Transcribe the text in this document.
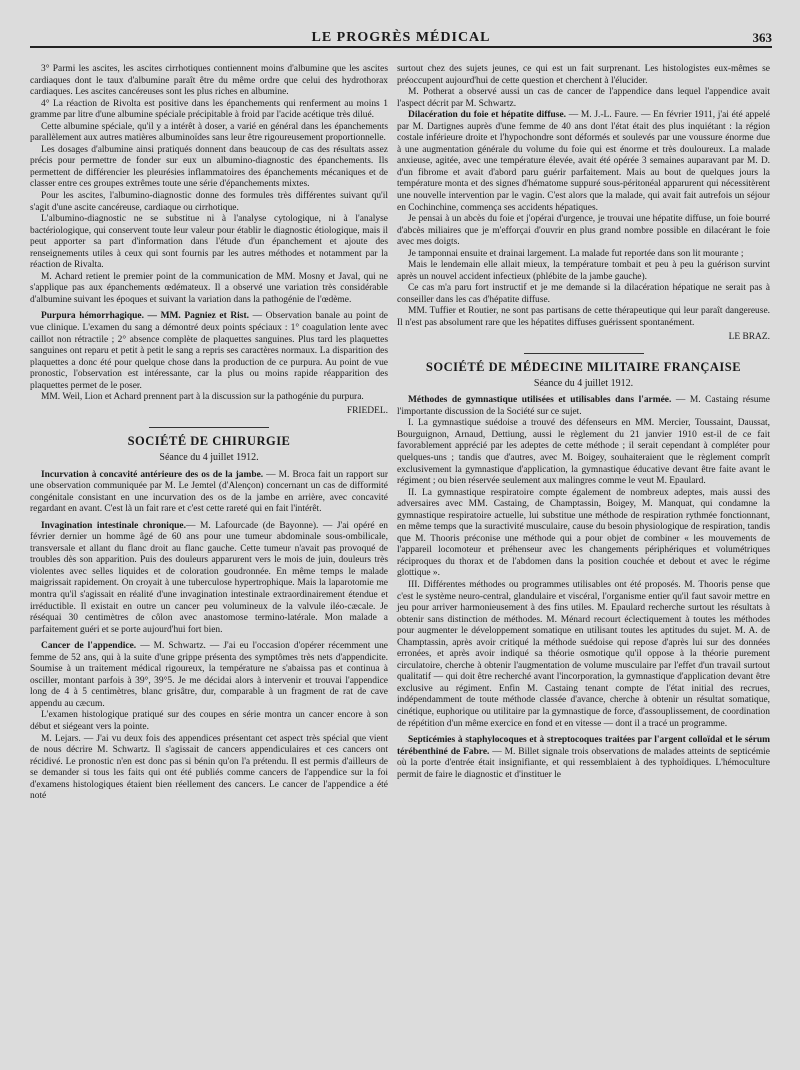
LE PROGRÈS MÉDICAL	363

3° Parmi les ascites, les ascites cirrhotiques contiennent moins d'albumine que les ascites cardiaques dont le taux d'albumine paraît être du même ordre que celui des hydrothorax cardiaques. Les ascites cancéreuses sont les plus riches en albumine.

4° La réaction de Rivolta est positive dans les épanchements qui renferment au moins 1 gramme par litre d'une albumine spéciale précipitable à froid par l'acide acétique très dilué.

Cette albumine spéciale, qu'il y a intérêt à doser, a varié en général dans les épanchements parallèlement aux autres matières albuminoïdes sans leur être rigoureusement proportionnelle.

Les dosages d'albumine ainsi pratiqués donnent dans beaucoup de cas des résultats assez précis pour permettre de fonder sur eux un albumino-diagnostic des épanchements. Ils permettent de différencier les pleurésies inflammatoires des épanchements mécaniques et de classer entre ces groupes extrêmes toute une série d'épanchements mixtes.

Pour les ascites, l'albumino-diagnostic donne des formules très différentes suivant qu'il s'agit d'une ascite cancéreuse, cardiaque ou cirrhotique.

L'albumino-diagnostic ne se substitue ni à l'analyse cytologique, ni à l'analyse bactériologique, qui conservent toute leur valeur pour établir le diagnostic étiologique, mais il peut apporter sa part d'information dans l'étude d'un épanchement et ajoute des renseignements utiles à ceux qui sont fournis par les autres méthodes et notamment par la réaction de Rivalta.

M. Achard retient le premier point de la communication de MM. Mosny et Javal, qui ne s'applique pas aux épanchements œdémateux. Il a observé une variation très considérable d'albumine suivant les époques et suivant la variation dans la pathogénie de l'œdème.

Purpura hémorrhagique. — MM. Pagniez et Rist. — Observation banale au point de vue clinique. L'examen du sang a démontré deux points spéciaux : 1° coagulation lente avec caillot non rétractile ; 2° absence complète de plaquettes sanguines. Plus tard les plaquettes sanguines ont reparu et petit à petit le sang a repris ses caractères normaux. La disparition des plaquettes a donc été pour quelque chose dans la production de ce purpura. Au point de vue pronostic, l'observation est intéressante, car la plus ou moins rapide réapparition des plaquettes permet de le poser.

MM. Weil, Lion et Achard prennent part à la discussion sur la pathogénie du purpura.

FRIEDEL.
SOCIÉTÉ DE CHIRURGIE
Séance du 4 juillet 1912.

Incurvation à concavité antérieure des os de la jambe. — M. Broca fait un rapport sur une observation communiquée par M. Le Jemtel (d'Alençon) concernant un cas de difformité congénitale consistant en une incurvation des os de la jambe en arrière, avec concavité regardant en avant. C'est là un fait rare et c'est cette rareté qui en fait l'intérêt.

Invagination intestinale chronique.— M. Lafourcade (de Bayonne). — J'ai opéré en février dernier un homme âgé de 60 ans pour une tumeur abdominale sous-ombilicale, transversale et allant du flanc droit au flanc gauche. Cette tumeur n'avait pas provoqué de troubles dès son apparition. Puis des douleurs apparurent vers le mois de juin, douleurs très violentes avec selles liquides et de coloration goudronnée. En même temps le malade maigrissait rapidement. On croyait à une tuberculose hypertrophique. Mais la laparotomie me montra qu'il s'agissait en réalité d'une invagination intestinale extraordinairement étendue et irréductible. Il existait en outre un cancer peu volumineux de la valvule iléo-cæcale. Je réséquai 30 centimètres de côlon avec anastomose termino-latérale. Mon malade a parfaitement guéri et se porte aujourd'hui fort bien.

Cancer de l'appendice. — M. Schwartz. — J'ai eu l'occasion d'opérer récemment une femme de 52 ans, qui à la suite d'une grippe présenta des symptômes très nets d'appendicite. Soumise à un traitement médical rigoureux, la température ne s'abaissa pas et continua à osciller, montant parfois à 39°, 39°5. Je me décidai alors à intervenir et trouvai l'appendice long de 4 à 5 centimètres, blanc grisâtre, dur, comparable à un fragment de rat de cave appendu au cæcum.

L'examen histologique pratiqué sur des coupes en série montra un cancer encore à son début et siégeant vers la pointe.

M. Lejars. — J'ai vu deux fois des appendices présentant cet aspect très spécial que vient de nous décrire M. Schwartz. Il s'agissait de cancers appendiculaires et ces cancers ont récidivé. Le pronostic n'en est donc pas si bénin qu'on l'a prétendu. Il est permis d'ailleurs de se demander si tous les faits qui ont été publiés comme cancers de l'appendice sur la foi d'examens histologiques étaient bien réellement des cancers. Le cancer de l'appendice a été noté

surtout chez des sujets jeunes, ce qui est un fait surprenant. Les histologistes eux-mêmes se préoccupent aujourd'hui de cette question et cherchent à l'élucider.

M. Potherat a observé aussi un cas de cancer de l'appendice dans lequel l'appendice avait l'aspect décrit par M. Schwartz.

Dilacération du foie et hépatite diffuse. — M. J.-L. Faure. — En février 1911, j'ai été appelé par M. Dartignes auprès d'une femme de 40 ans dont l'état était des plus inquiétant : la région costale inférieure droite et l'hypochondre sont déformés et soulevés par une voussure énorme due à une augmentation générale du volume du foie qui est énorme et très douloureux. La malade anxieuse, agitée, avec une température élevée, avait été opérée 3 semaines auparavant par M. D. d'un fibrome et avait d'abord paru guérir parfaitement. Mais au bout de quelques jours la température monta et des signes d'hématome suppuré sous-péritonéal apparurent qui nécessitèrent une nouvelle intervention par le vagin. C'est alors que la malade, qui avait fait autrefois un séjour en Cochinchine, commença ses accidents hépatiques.

Je pensai à un abcès du foie et j'opérai d'urgence, je trouvai une hépatite diffuse, un foie bourré d'abcès miliaires que je m'efforçai d'ouvrir en plus grand nombre possible en dilacérant le foie avec mes doigts.

Je tamponnai ensuite et drainai largement. La malade fut reportée dans son lit mourante ;

Mais le lendemain elle allait mieux, la température tombait et peu à peu la guérison survint après un nouvel accident infectieux (phlébite de la jambe gauche).

Ce cas m'a paru fort instructif et je me demande si la dilacération hépatique ne serait pas à conseiller dans les cas d'hépatite diffuse.

MM. Tuffier et Routier, ne sont pas partisans de cette thérapeutique qui leur paraît dangereuse. Il n'est pas absolument rare que les hépatites diffuses guérissent spontanément.

LE BRAZ.
SOCIÉTÉ DE MÉDECINE MILITAIRE FRANÇAISE
Séance du 4 juillet 1912.

Méthodes de gymnastique utilisées et utilisables dans l'armée. — M. Castaing résume l'importante discussion de la Société sur ce sujet.

I. La gymnastique suédoise a trouvé des défenseurs en MM. Mercier, Toussaint, Daussat, Bourguignon, Arnaud, Dettiung, aussi le règlement du 21 janvier 1910 est-il de ce fait favorablement apprécié par les adeptes de cette méthode ; il serait cependant à compléter pour quelques-uns ; tandis que d'autres, avec M. Boigey, souhaiteraient que le règlement comprît exclusivement la gymnastique d'application, la gymnastique éducative devant être faite avant le régiment ; ou bien réservée seulement aux malingres comme le veut M. Epaulard.

II. La gymnastique respiratoire compte également de nombreux adeptes, mais aussi des adversaires avec MM. Castaing, de Champtassin, Boigey, M. Manquat, qui condamne la gymnastique respiratoire actuelle, lui substitue une méthode de respiration rythmée fonctionnant, en même temps que la suractivité musculaire, cause du besoin physiologique de respiration, tandis que M. Thooris préconise une méthode qui a pour objet de combiner « les mouvements de l'appareil locomoteur et préhenseur avec les changements périphériques et volumétriques réciproques du thorax et de l'abdomen dans la position couchée et debout et avec le régime glottique ».

III. Différentes méthodes ou programmes utilisables ont été proposés. M. Thooris pense que c'est le système neuro-central, glandulaire et viscéral, l'organisme entier qu'il faut savoir mettre en jeu pour arriver harmonieusement à des fins utiles. M. Epaulard recherche surtout les résultats à obtenir sans distinction de méthodes. M. Ménard recourt éclectiquement à toutes les méthodes pour augmenter le développement somatique en utilisant toutes les aptitudes du sujet. M. A. de Champtassin, après avoir critiqué la méthode suédoise qui repose d'après lui sur des données erronées, et après avoir indiqué sa théorie osmotique qu'il oppose à la théorie purement circulatoire, cherche à obtenir l'augmentation de volume musculaire par l'effet d'un travail surtout qualitatif — qui doit être recherché avant l'incorporation, la gymnastique d'application devant être exclusive au régiment. Enfin M. Castaing tenant compte de l'état initial des recrues, indépendamment de toute méthode classée d'avance, cherche à obtenir un résultat somatique, cinétique, euphorique ou utilitaire par la gymnastique de force, d'assouplissement, de coordination de répétition d'un même exercice en fond et en vitesse — dont il a tracé un programme.

Septicémies à staphylocoques et à streptocoques traitées par l'argent colloïdal et le sérum térébenthiné de Fabre. — M. Billet signale trois observations de malades atteints de septicémie où la porte d'entrée était insignifiante, et qui ressemblaient à des typhoïdiques. L'hémoculture permit de faire le diagnostic et d'instituer le
